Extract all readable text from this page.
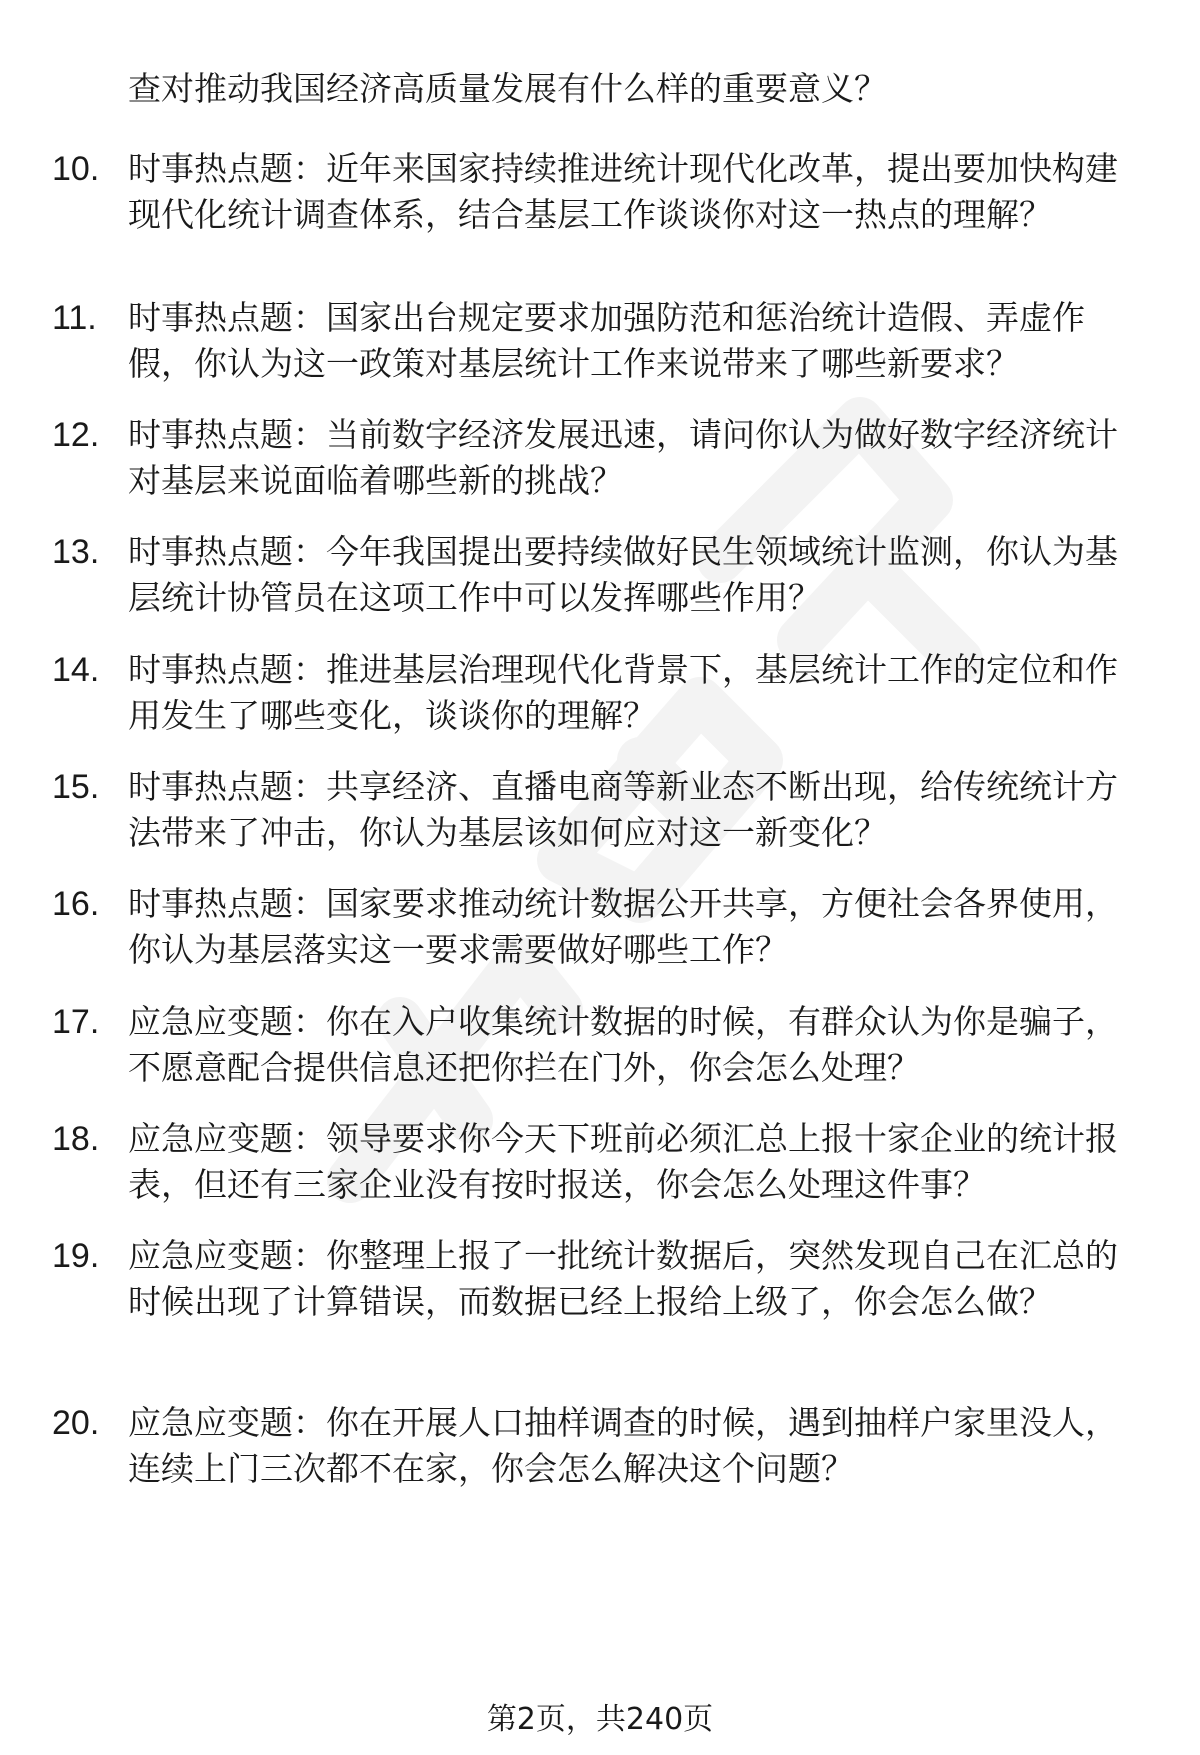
查对推动我国经济高质量发展有什么样的重要意义？
10. 时事热点题：近年来国家持续推进统计现代化改革，提出要加快构建现代化统计调查体系，结合基层工作谈谈你对这一热点的理解？
11. 时事热点题：国家出台规定要求加强防范和惩治统计造假、弄虚作假，你认为这一政策对基层统计工作来说带来了哪些新要求？
12. 时事热点题：当前数字经济发展迅速，请问你认为做好数字经济统计对基层来说面临着哪些新的挑战？
13. 时事热点题：今年我国提出要持续做好民生领域统计监测，你认为基层统计协管员在这项工作中可以发挥哪些作用？
14. 时事热点题：推进基层治理现代化背景下，基层统计工作的定位和作用发生了哪些变化，谈谈你的理解？
15. 时事热点题：共享经济、直播电商等新业态不断出现，给传统统计方法带来了冲击，你认为基层该如何应对这一新变化？
16. 时事热点题：国家要求推动统计数据公开共享，方便社会各界使用，你认为基层落实这一要求需要做好哪些工作？
17. 应急应变题：你在入户收集统计数据的时候，有群众认为你是骗子，不愿意配合提供信息还把你拦在门外，你会怎么处理？
18. 应急应变题：领导要求你今天下班前必须汇总上报十家企业的统计报表，但还有三家企业没有按时报送，你会怎么处理这件事？
19. 应急应变题：你整理上报了一批统计数据后，突然发现自己在汇总的时候出现了计算错误，而数据已经上报给上级了，你会怎么做？
20. 应急应变题：你在开展人口抽样调查的时候，遇到抽样户家里没人，连续上门三次都不在家，你会怎么解决这个问题？
第2页，共240页
